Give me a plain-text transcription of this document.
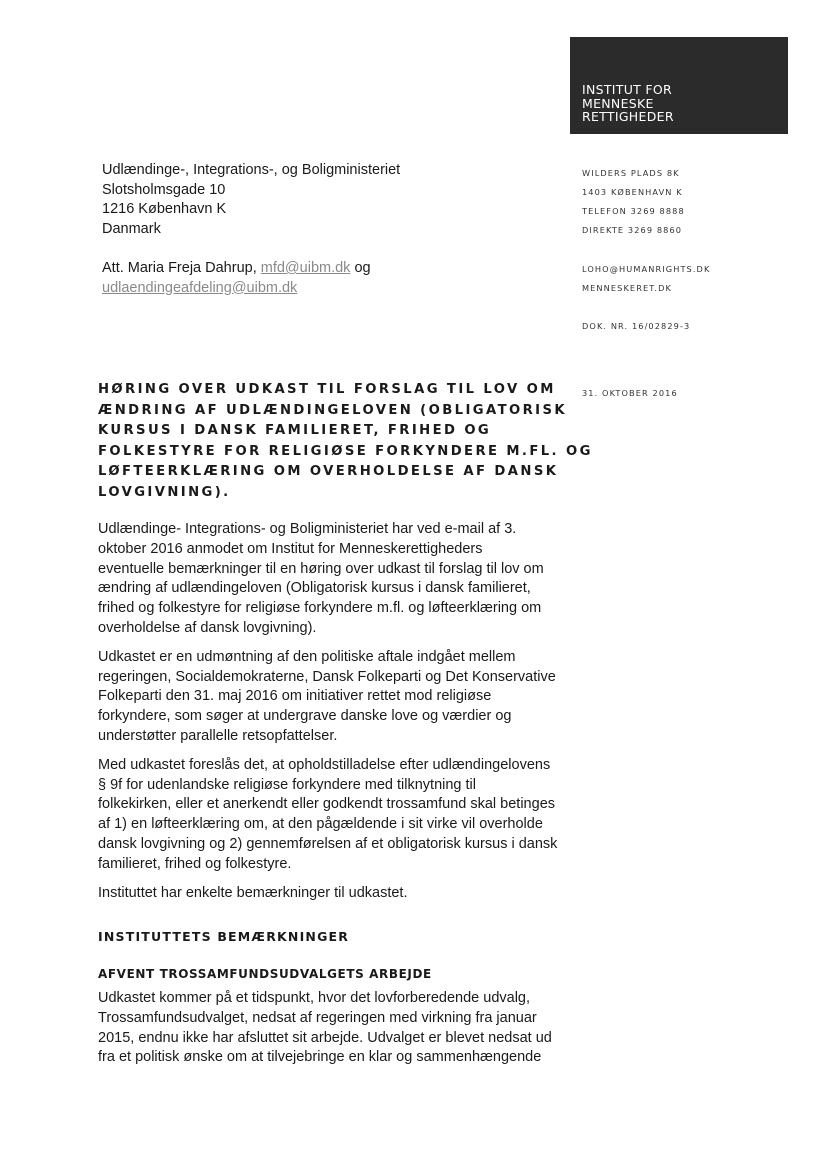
INSTITUT FOR
MENNESKE
RETTIGHEDER
Udlændinge-, Integrations-, og Boligministeriet
Slotsholmsgade 10
1216 København K
Danmark
Att. Maria Freja Dahrup, mfd@uibm.dk og
udlaendingeafdeling@uibm.dk
WILDERS PLADS 8K
1403 KØBENHAVN K
TELEFON 3269 8888
DIREKTE 3269 8860
LOHO@HUMANRIGHTS.DK
MENNESKERET.DK
DOK. NR. 16/02829-3
31. OKTOBER 2016
HØRING OVER UDKAST TIL FORSLAG TIL LOV OM
ÆNDRING AF UDLÆNDINGELOVEN (OBLIGATORISK
KURSUS I DANSK FAMILIERET, FRIHED OG
FOLKESTYRE FOR RELIGIØSE FORKYNDERE M.FL. OG
LØFTEERKLÆRING OM OVERHOLDELSE AF DANSK
LOVGIVNING).
Udlændinge- Integrations- og Boligministeriet har ved e-mail af 3.
oktober 2016 anmodet om Institut for Menneskerettigheders
eventuelle bemærkninger til en høring over udkast til forslag til lov om
ændring af udlændingeloven (Obligatorisk kursus i dansk familieret,
frihed og folkestyre for religiøse forkyndere m.fl. og løfteerklæring om
overholdelse af dansk lovgivning).
Udkastet er en udmøntning af den politiske aftale indgået mellem
regeringen, Socialdemokraterne, Dansk Folkeparti og Det Konservative
Folkeparti den 31. maj 2016 om initiativer rettet mod religiøse
forkyndere, som søger at undergrave danske love og værdier og
understøtter parallelle retsopfattelser.
Med udkastet foreslås det, at opholdstilladelse efter udlændingelovens
§ 9f for udenlandske religiøse forkyndere med tilknytning til
folkekirken, eller et anerkendt eller godkendt trossamfund skal betinges
af 1) en løfteerklæring om, at den pågældende i sit virke vil overholde
dansk lovgivning og 2) gennemførelsen af et obligatorisk kursus i dansk
familieret, frihed og folkestyre.
Instituttet har enkelte bemærkninger til udkastet.
INSTITUTTETS BEMÆRKNINGER
AFVENT TROSSAMFUNDSUDVALGETS ARBEJDE
Udkastet kommer på et tidspunkt, hvor det lovforberedende udvalg,
Trossamfundsudvalget, nedsat af regeringen med virkning fra januar
2015, endnu ikke har afsluttet sit arbejde. Udvalget er blevet nedsat ud
fra et politisk ønske om at tilvejebringe en klar og sammenhængende
